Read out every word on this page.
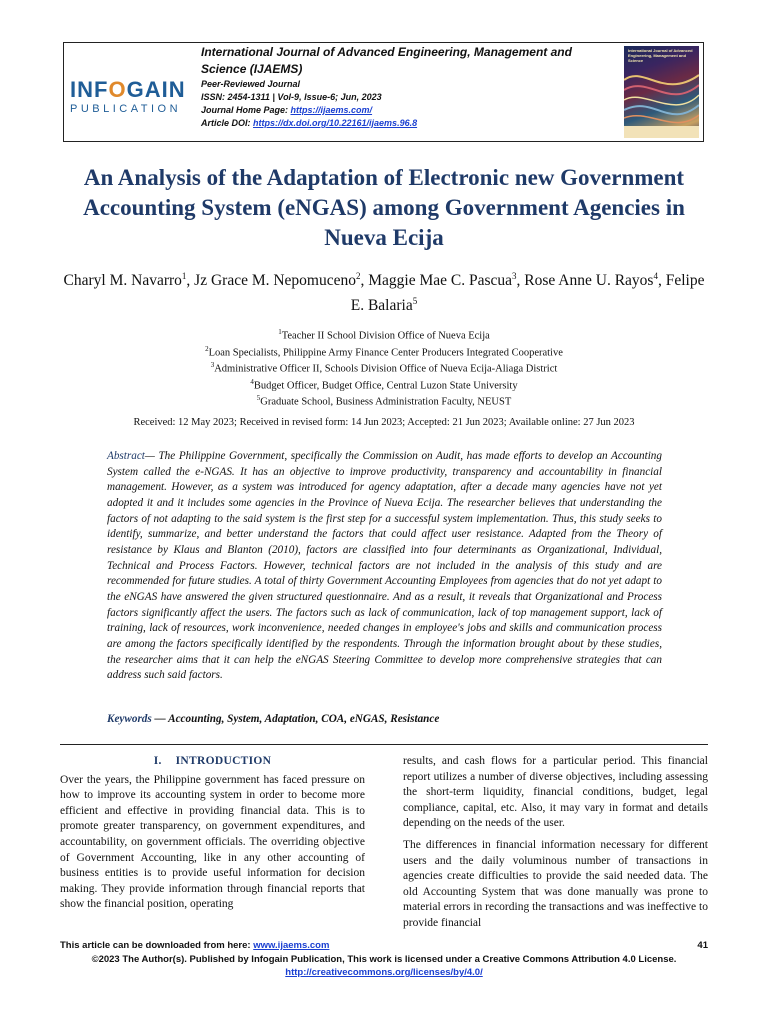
INFOGAIN
PUBLICATION
International Journal of Advanced Engineering, Management and Science (IJAEMS)
Peer-Reviewed Journal
ISSN: 2454-1311 | Vol-9, Issue-6; Jun, 2023
Journal Home Page: https://ijaems.com/
Article DOI: https://dx.doi.org/10.22161/ijaems.96.8
International Journal of Advanced Engineering, Management and Science
An Analysis of the Adaptation of Electronic new Government Accounting System (eNGAS) among Government Agencies in Nueva Ecija
Charyl M. Navarro$^1$, Jz Grace M. Nepomuceno$^2$, Maggie Mae C. Pascua$^3$, Rose Anne U. Rayos$^4$, Felipe E. Balaria$^5$
$^1$Teacher II School Division Office of Nueva Ecija
$^2$Loan Specialists, Philippine Army Finance Center Producers Integrated Cooperative
$^3$Administrative Officer II, Schools Division Office of Nueva Ecija-Aliaga District
$^4$Budget Officer, Budget Office, Central Luzon State University
$^5$Graduate School, Business Administration Faculty, NEUST
Received: 12 May 2023; Received in revised form: 14 Jun 2023; Accepted: 21 Jun 2023; Available online: 27 Jun 2023
Abstract— The Philippine Government, specifically the Commission on Audit, has made efforts to develop an Accounting System called the e-NGAS. It has an objective to improve productivity, transparency and accountability in financial management. However, as a system was introduced for agency adaptation, after a decade many agencies have not yet adopted it and it includes some agencies in the Province of Nueva Ecija. The researcher believes that understanding the factors of not adapting to the said system is the first step for a successful system implementation. Thus, this study seeks to identify, summarize, and better understand the factors that could affect user resistance. Adapted from the Theory of resistance by Klaus and Blanton (2010), factors are classified into four determinants as Organizational, Individual, Technical and Process Factors. However, technical factors are not included in the analysis of this study and are recommended for future studies. A total of thirty Government Accounting Employees from agencies that do not yet adapt to the eNGAS have answered the given structured questionnaire. And as a result, it reveals that Organizational and Process factors significantly affect the users. The factors such as lack of communication, lack of top management support, lack of training, lack of resources, work inconvenience, needed changes in employee's jobs and skills and communication process are among the factors specifically identified by the respondents. Through the information brought about by these studies, the researcher aims that it can help the eNGAS Steering Committee to develop more comprehensive strategies that can address such said factors.
Keywords — Accounting, System, Adaptation, COA, eNGAS, Resistance
I. INTRODUCTION

Over the years, the Philippine government has faced pressure on how to improve its accounting system in order to become more efficient and effective in providing financial data. This is to promote greater transparency, on government expenditures, and accountability, on government officials. The overriding objective of Government Accounting, like in any other accounting of business entities is to provide useful information for decision making. They provide information through financial reports that show the financial position, operating

results, and cash flows for a particular period. This financial report utilizes a number of diverse objectives, including assessing the short-term liquidity, financial conditions, budget, legal compliance, capital, etc. Also, it may vary in format and details depending on the needs of the user.

The differences in financial information necessary for different users and the daily voluminous number of transactions in agencies create difficulties to provide the said needed data. The old Accounting System that was done manually was prone to material errors in recording the transactions and was ineffective to provide financial

This article can be downloaded from here: www.ijaems.com	41
©2023 The Author(s). Published by Infogain Publication, This work is licensed under a Creative Commons Attribution 4.0 License.
http://creativecommons.org/licenses/by/4.0/
